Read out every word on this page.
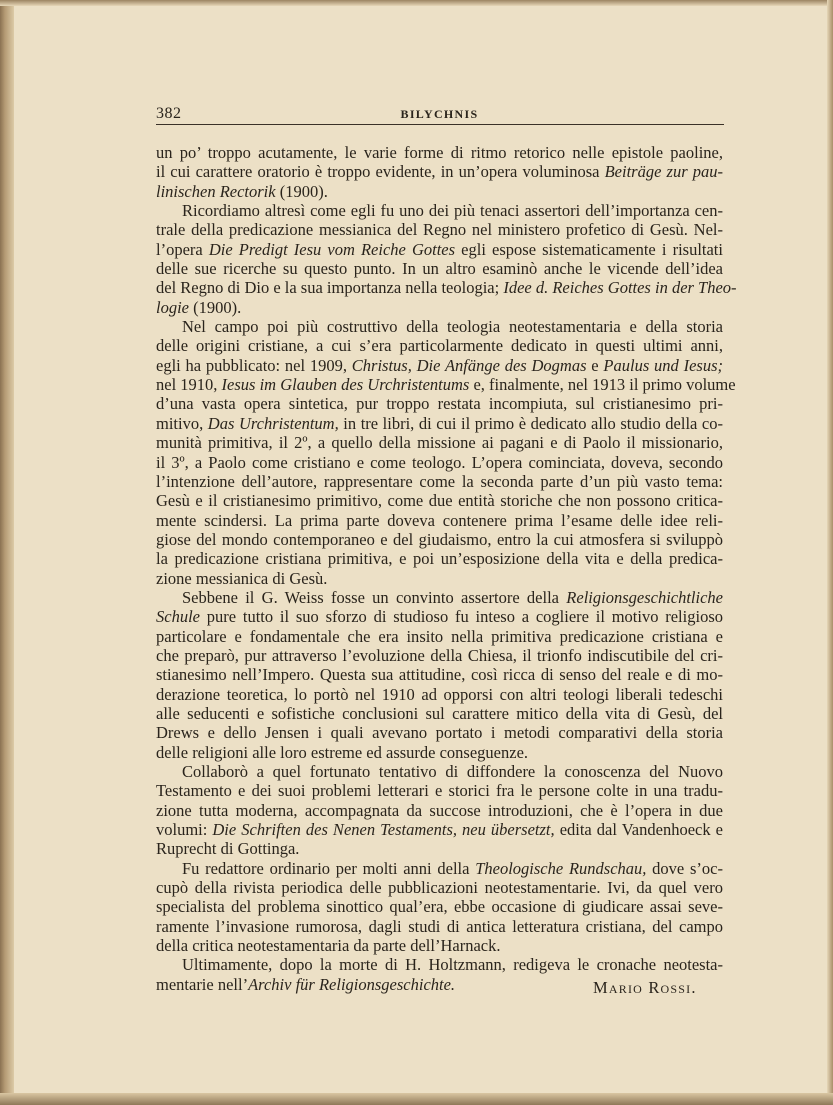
382	BILYCHNIS
un po’ troppo acutamente, le varie forme di ritmo retorico nelle epistole paoline,
il cui carattere oratorio è troppo evidente, in un’opera voluminosa Beiträge zur pau-
linischen Rectorik (1900).
Ricordiamo altresì come egli fu uno dei più tenaci assertori dell’importanza cen-
trale della predicazione messianica del Regno nel ministero profetico di Gesù. Nel-
l’opera Die Predigt Iesu vom Reiche Gottes egli espose sistematicamente i risultati
delle sue ricerche su questo punto. In un altro esaminò anche le vicende dell’idea
del Regno di Dio e la sua importanza nella teologia; Idee d. Reiches Gottes in der Theo-
logie (1900).
Nel campo poi più costruttivo della teologia neotestamentaria e della storia
delle origini cristiane, a cui s’era particolarmente dedicato in questi ultimi anni,
egli ha pubblicato: nel 1909, Christus, Die Anfänge des Dogmas e Paulus und Iesus;
nel 1910, Iesus im Glauben des Urchristentums e, finalmente, nel 1913 il primo volume
d’una vasta opera sintetica, pur troppo restata incompiuta, sul cristianesimo pri-
mitivo, Das Urchristentum, in tre libri, di cui il primo è dedicato allo studio della co-
munità primitiva, il 2º, a quello della missione ai pagani e di Paolo il missionario,
il 3º, a Paolo come cristiano e come teologo. L’opera cominciata, doveva, secondo
l’intenzione dell’autore, rappresentare come la seconda parte d’un più vasto tema:
Gesù e il cristianesimo primitivo, come due entità storiche che non possono critica-
mente scindersi. La prima parte doveva contenere prima l’esame delle idee reli-
giose del mondo contemporaneo e del giudaismo, entro la cui atmosfera si sviluppò
la predicazione cristiana primitiva, e poi un’esposizione della vita e della predica-
zione messianica di Gesù.
Sebbene il G. Weiss fosse un convinto assertore della Religionsgeschichtliche
Schule pure tutto il suo sforzo di studioso fu inteso a cogliere il motivo religioso
particolare e fondamentale che era insito nella primitiva predicazione cristiana e
che preparò, pur attraverso l’evoluzione della Chiesa, il trionfo indiscutibile del cri-
stianesimo nell’Impero. Questa sua attitudine, così ricca di senso del reale e di mo-
derazione teoretica, lo portò nel 1910 ad opporsi con altri teologi liberali tedeschi
alle seducenti e sofistiche conclusioni sul carattere mitico della vita di Gesù, del
Drews e dello Jensen i quali avevano portato i metodi comparativi della storia
delle religioni alle loro estreme ed assurde conseguenze.
Collaborò a quel fortunato tentativo di diffondere la conoscenza del Nuovo
Testamento e dei suoi problemi letterari e storici fra le persone colte in una tradu-
zione tutta moderna, accompagnata da succose introduzioni, che è l’opera in due
volumi: Die Schriften des Nenen Testaments, neu übersetzt, edita dal Vandenhoeck e
Ruprecht di Gottinga.
Fu redattore ordinario per molti anni della Theologische Rundschau, dove s’oc-
cupò della rivista periodica delle pubblicazioni neotestamentarie. Ivi, da quel vero
specialista del problema sinottico qual’era, ebbe occasione di giudicare assai seve-
ramente l’invasione rumorosa, dagli studi di antica letteratura cristiana, del campo
della critica neotestamentaria da parte dell’Harnack.
Ultimamente, dopo la morte di H. Holtzmann, redigeva le cronache neotesta-
mentarie nell’Archiv für Religionsgeschichte.	Mario Rossi.
